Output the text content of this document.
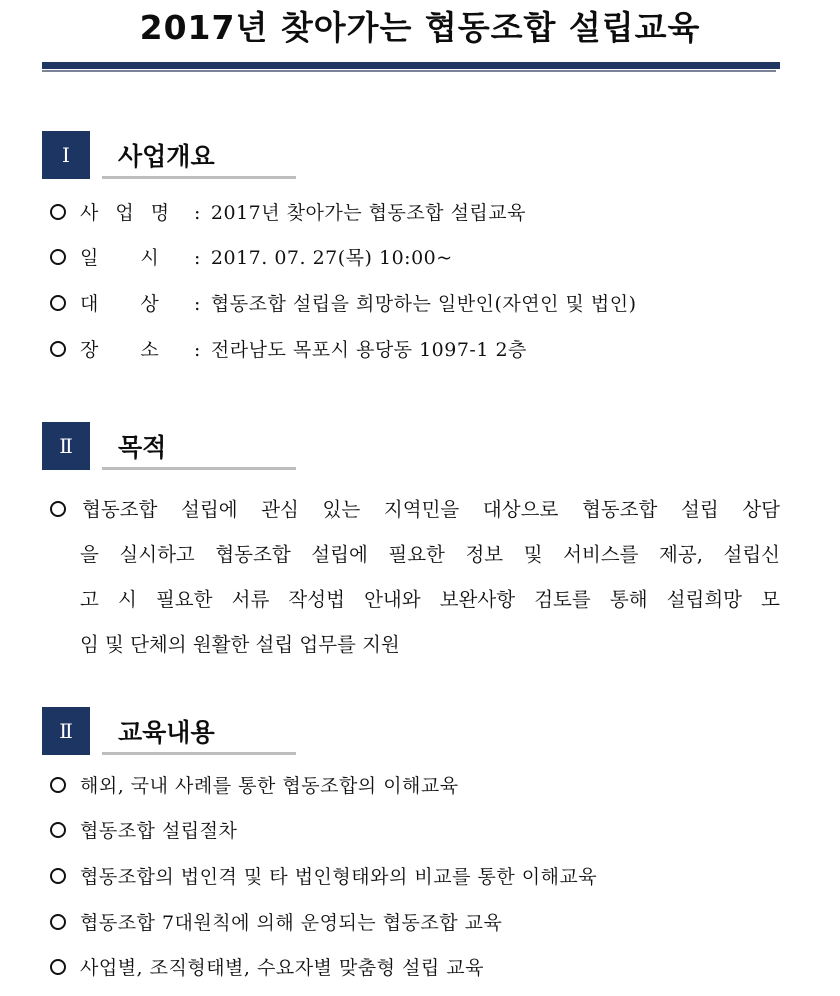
2017년 찾아가는 협동조합 설립교육
Ⅰ	사업개요
사 업 명 : 2017년 찾아가는 협동조합 설립교육
일 시 : 2017. 07. 27(목) 10:00~
대 상 : 협동조합 설립을 희망하는 일반인(자연인 및 법인)
장 소 : 전라남도 목포시 용당동 1097-1 2층
Ⅱ	목적
협동조합 설립에 관심 있는 지역민을 대상으로 협동조합 설립 상담
을 실시하고 협동조합 설립에 필요한 정보 및 서비스를 제공, 설립신
고 시 필요한 서류 작성법 안내와 보완사항 검토를 통해 설립희망 모
임 및 단체의 원활한 설립 업무를 지원
Ⅱ	교육내용
해외, 국내 사례를 통한 협동조합의 이해교육
협동조합 설립절차
협동조합의 법인격 및 타 법인형태와의 비교를 통한 이해교육
협동조합 7대원칙에 의해 운영되는 협동조합 교육
사업별, 조직형태별, 수요자별 맞춤형 설립 교육
